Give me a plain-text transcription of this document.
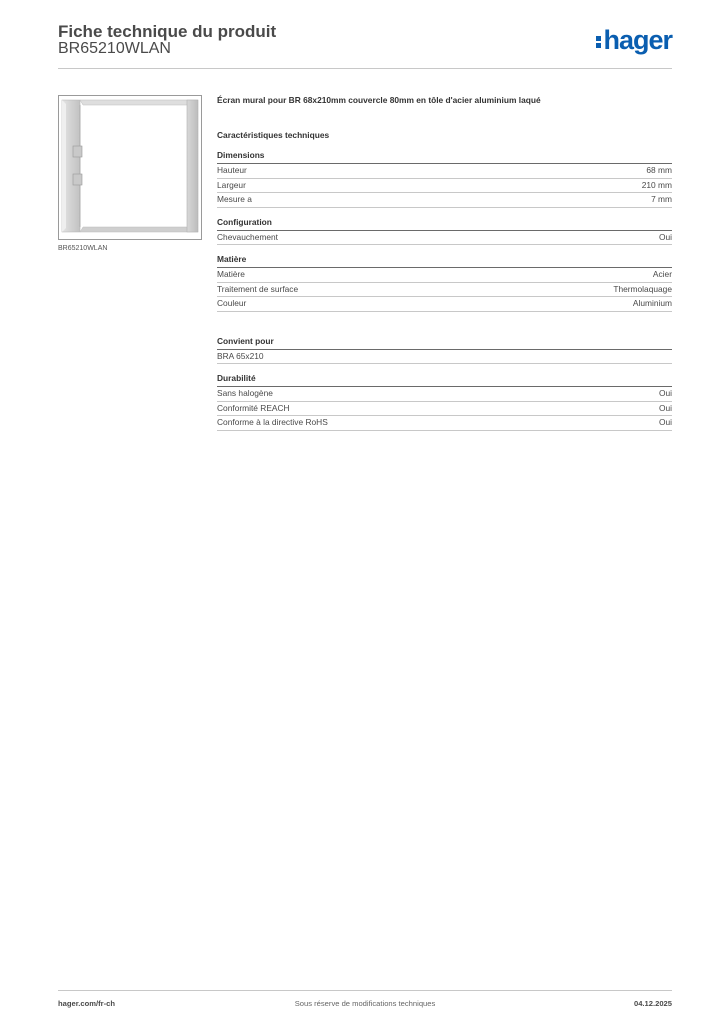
Fiche technique du produit
BR65210WLAN	hager
BR65210WLAN
Écran mural pour BR 68x210mm couvercle 80mm en tôle d'acier aluminium laqué
Caractéristiques techniques
Dimensions
Hauteur	68 mm
Largeur	210 mm
Mesure a	7 mm
Configuration
Chevauchement	Oui
Matière
Matière	Acier
Traitement de surface	Thermolaquage
Couleur	Aluminium
Convient pour
BRA 65x210
Durabilité
Sans halogène	Oui
Conformité REACH	Oui
Conforme à la directive RoHS	Oui
hager.com/fr-ch	Sous réserve de modifications techniques	04.12.2025
